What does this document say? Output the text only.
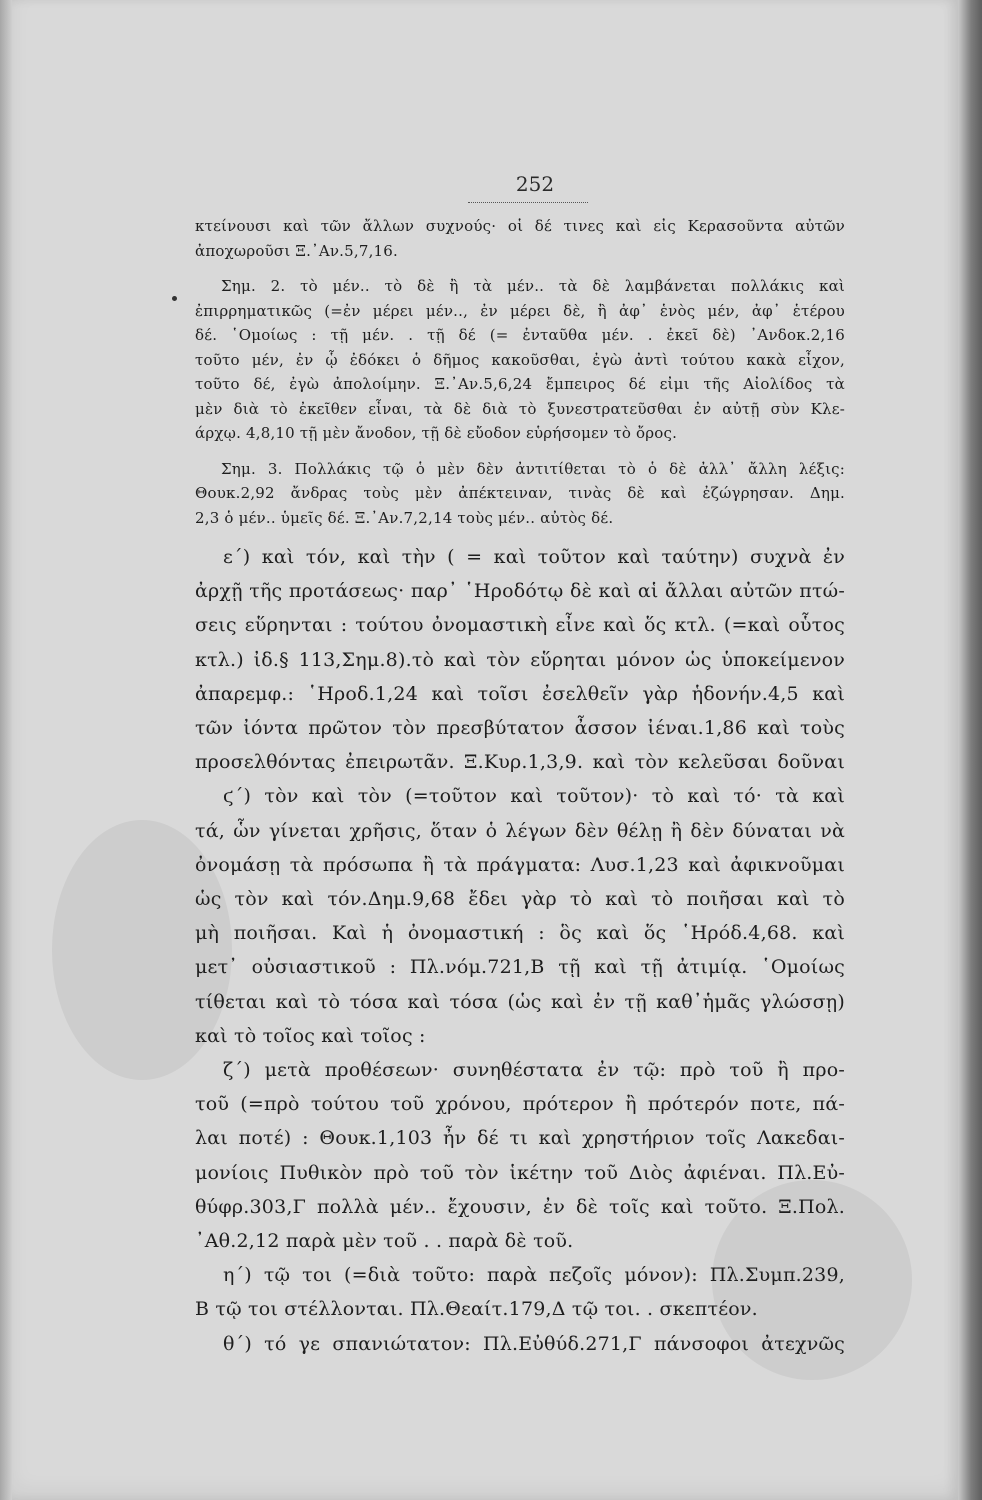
252
κτείνουσι καὶ τῶν ἄλλων συχνούς· οἱ δέ τινες καὶ εἰς Κερασοῦντα αὐτῶν
ἀποχωροῦσι Ξ.᾿Αν.5,7,16.
Σημ. 2. τὸ μέν.. τὸ δὲ ἢ τὰ μέν.. τὰ δὲ λαμβάνεται πολλάκις καὶ
ἐπιρρηματικῶς (=ἐν μέρει μέν.., ἐν μέρει δὲ, ἢ ἀφ᾿ ἑνὸς μέν, ἀφ᾿ ἑτέρου
δέ. ῾Ομοίως : τῇ μέν. . τῇ δέ (= ἐνταῦθα μέν. . ἐκεῖ δὲ) ᾿Ανδοκ.2,16
τοῦτο μέν, ἐν ᾧ ἐδόκει ὁ δῆμος κακοῦσθαι, ἐγὼ ἀντὶ τούτου κακὰ εἶχον,
τοῦτο δέ, ἐγὼ ἀπολοίμην. Ξ.᾿Αν.5,6,24 ἔμπειρος δέ εἰμι τῆς Αἰολίδος τὰ
μὲν διὰ τὸ ἐκεῖθεν εἶναι, τὰ δὲ διὰ τὸ ξυνεστρατεῦσθαι ἐν αὐτῇ σὺν Κλε-
άρχῳ. 4,8,10 τῇ μὲν ἄνοδον, τῇ δὲ εὔοδον εὑρήσομεν τὸ ὄρος.
Σημ. 3. Πολλάκις τῷ ὁ μὲν δὲν ἀντιτίθεται τὸ ὁ δὲ ἀλλ᾿ ἄλλη λέξις:
Θουκ.2,92 ἄνδρας τοὺς μὲν ἀπέκτειναν, τινὰς δὲ καὶ ἐζώγρησαν. Δημ.
2,3 ὁ μέν.. ὑμεῖς δέ. Ξ.᾿Αν.7,2,14 τοὺς μέν.. αὐτὸς δέ.
ε΄) καὶ τόν, καὶ τὴν ( = καὶ τοῦτον καὶ ταύτην) συχνὰ ἐν
ἀρχῇ τῆς προτάσεως· παρ᾿ ῾Ηροδότῳ δὲ καὶ αἱ ἄλλαι αὐτῶν πτώ-
σεις εὕρηνται : τούτου ὀνομαστικὴ εἶνε καὶ ὅς κτλ. (=καὶ οὗτος
κτλ.) ἰδ.§ 113,Σημ.8).τὸ καὶ τὸν εὕρηται μόνον ὡς ὑποκείμενον
ἀπαρεμφ.: ῾Ηροδ.1,24 καὶ τοῖσι ἐσελθεῖν γὰρ ἡδονήν.4,5 καὶ
τῶν ἰόντα πρῶτον τὸν πρεσβύτατον ἆσσον ἰέναι.1,86 καὶ τοὺς
προσελθόντας ἐπειρωτᾶν. Ξ.Κυρ.1,3,9. καὶ τὸν κελεῦσαι δοῦναι
ϛ΄) τὸν καὶ τὸν (=τοῦτον καὶ τοῦτον)· τὸ καὶ τό· τὰ καὶ
τά, ὧν γίνεται χρῆσις, ὅταν ὁ λέγων δὲν θέλῃ ἢ δὲν δύναται νὰ
ὀνομάσῃ τὰ πρόσωπα ἢ τὰ πράγματα: Λυσ.1,23 καὶ ἀφικνοῦμαι
ὡς τὸν καὶ τόν.Δημ.9,68 ἔδει γὰρ τὸ καὶ τὸ ποιῆσαι καὶ τὸ
μὴ ποιῆσαι. Καὶ ἡ ὀνομαστική : ὃς καὶ ὅς ῾Ηρόδ.4,68. καὶ
μετ᾿ οὐσιαστικοῦ : Πλ.νόμ.721,Β τῇ καὶ τῇ ἀτιμίᾳ. ῾Ομοίως
τίθεται καὶ τὸ τόσα καὶ τόσα (ὡς καὶ ἐν τῇ καθ᾿ἡμᾶς γλώσσῃ)
καὶ τὸ τοῖος καὶ τοῖος :
ζ΄) μετὰ προθέσεων· συνηθέστατα ἐν τῷ: πρὸ τοῦ ἢ προ-
τοῦ (=πρὸ τούτου τοῦ χρόνου, πρότερον ἢ πρότερόν ποτε, πά-
λαι ποτέ) : Θουκ.1,103 ἦν δέ τι καὶ χρηστήριον τοῖς Λακεδαι-
μονίοις Πυθικὸν πρὸ τοῦ τὸν ἱκέτην τοῦ Διὸς ἀφιέναι. Πλ.Εὐ-
θύφρ.303,Γ πολλὰ μέν.. ἔχουσιν, ἐν δὲ τοῖς καὶ τοῦτο. Ξ.Πολ.
᾿Αθ.2,12 παρὰ μὲν τοῦ . . παρὰ δὲ τοῦ.
η΄) τῷ τοι (=διὰ τοῦτο: παρὰ πεζοῖς μόνον): Πλ.Συμπ.239,
Β τῷ τοι στέλλονται. Πλ.Θεαίτ.179,Δ τῷ τοι. . σκεπτέον.
θ΄) τό γε σπανιώτατον: Πλ.Εὐθύδ.271,Γ πάνσοφοι ἀτεχνῶς
